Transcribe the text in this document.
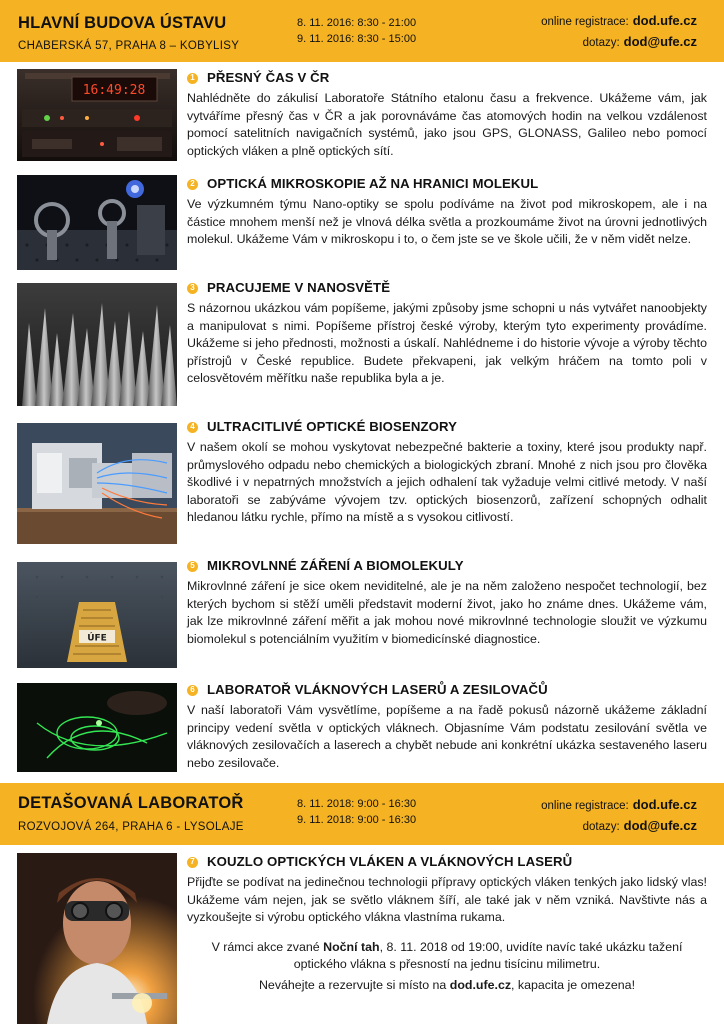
HLAVNÍ BUDOVA ÚSTAVU
CHABERSKÁ 57, PRAHA 8 – KOBYLISY
8. 11. 2016: 8:30 - 21:00
9. 11. 2016: 8:30 - 15:00
online registrace: dod.ufe.cz
dotazy: dod@ufe.cz
16:49:28
1 PŘESNÝ ČAS V ČR
Nahlédněte do zákulisí Laboratoře Státního etalonu času a frekvence. Ukážeme vám, jak vytváříme přesný čas v ČR a jak porovnáváme čas atomových hodin na velkou vzdálenost pomocí satelitních navigačních systémů, jako jsou GPS, GLONASS, Galileo nebo pomocí optických vláken a plně optických sítí.
2 OPTICKÁ MIKROSKOPIE AŽ NA HRANICI MOLEKUL
Ve výzkumném týmu Nano-optiky se spolu podíváme na život pod mikroskopem, ale i na částice mnohem menší než je vlnová délka světla a prozkoumáme život na úrovni jednotlivých molekul. Ukážeme Vám v mikroskopu i to, o čem jste se ve škole učili, že v něm vidět nelze.
3 PRACUJEME V NANOSVĚTĚ
S názornou ukázkou vám popíšeme, jakými způsoby jsme schopni u nás vytvářet nanoobjekty a manipulovat s nimi. Popíšeme přístroj české výroby, kterým tyto experimenty provádíme. Ukážeme si jeho přednosti, možnosti a úskalí. Nahlédneme i do historie vývoje a výroby těchto přístrojů v České republice. Budete překvapeni, jak velkým hráčem na tomto poli v celosvětovém měřítku naše republika byla a je.
4 ULTRACITLIVÉ OPTICKÉ BIOSENZORY
V našem okolí se mohou vyskytovat nebezpečné bakterie a toxiny, které jsou produkty např. průmyslového odpadu nebo chemických a biologických zbraní. Mnohé z nich jsou pro člověka škodlivé i v nepatrných množstvích a jejich odhalení tak vyžaduje velmi citlivé metody. V naší laboratoři se zabýváme vývojem tzv. optických biosenzorů, zařízení schopných odhalit hledanou látku rychle, přímo na místě a s vysokou citlivostí.
ÚFE
5 MIKROVLNNÉ ZÁŘENÍ A BIOMOLEKULY
Mikrovlnné záření je sice okem neviditelné, ale je na něm založeno nespočet technologií, bez kterých bychom si stěží uměli představit moderní život, jako ho známe dnes. Ukážeme vám, jak lze mikrovlnné záření měřit a jak mohou nové mikrovlnné technologie sloužit ve výzkumu biomolekul s potenciálním využitím v biomedicínské diagnostice.
6 LABORATOŘ VLÁKNOVÝCH LASERŮ A ZESILOVAČŮ
V naší laboratoři Vám vysvětlíme, popíšeme a na řadě pokusů názorně ukážeme základní principy vedení světla v optických vláknech. Objasníme Vám podstatu zesilování světla ve vláknových zesilovačích a laserech a chybět nebude ani konkrétní ukázka sestaveného laseru nebo zesilovače.
DETAŠOVANÁ LABORATOŘ
ROZVOJOVÁ 264, PRAHA 6 - LYSOLAJE
8. 11. 2018: 9:00 - 16:30
9. 11. 2018: 9:00 - 16:30
online registrace: dod.ufe.cz
dotazy: dod@ufe.cz
7 KOUZLO OPTICKÝCH VLÁKEN A VLÁKNOVÝCH LASERŮ
Přijďte se podívat na jedinečnou technologii přípravy optických vláken tenkých jako lidský vlas! Ukážeme vám nejen, jak se světlo vláknem šíří, ale také jak v něm vzniká. Navštivte nás a vyzkoušejte si výrobu optického vlákna vlastníma rukama.
V rámci akce zvané Noční tah, 8. 11. 2018 od 19:00, uvidíte navíc také ukázku tažení optického vlákna s přesností na jednu tisícinu milimetru.
Neváhejte a rezervujte si místo na dod.ufe.cz, kapacita je omezena!
